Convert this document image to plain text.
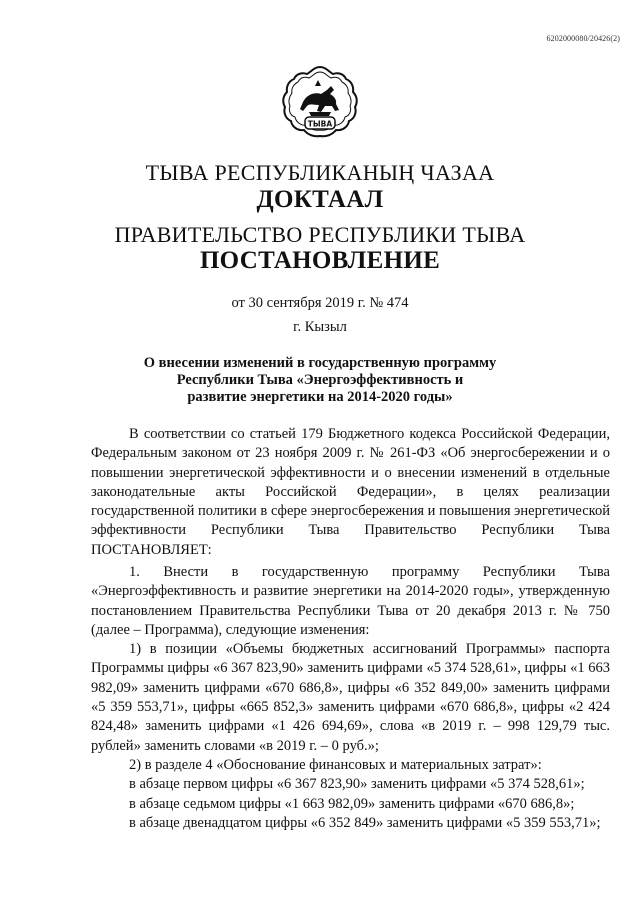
6202000080/20426(2)
ТЫВА
ТЫВА РЕСПУБЛИКАНЫҢ ЧАЗАА
ДОКТААЛ
ПРАВИТЕЛЬСТВО РЕСПУБЛИКИ ТЫВА
ПОСТАНОВЛЕНИЕ
от 30 сентября 2019 г. № 474
г. Кызыл
О внесении изменений в государственную программу
Республики Тыва «Энергоэффективность и
развитие энергетики на 2014-2020 годы»

В соответствии со статьей 179 Бюджетного кодекса Российской Федерации, Федеральным законом от 23 ноября 2009 г. № 261-ФЗ «Об энергосбережении и о повышении энергетической эффективности и о внесении изменений в отдельные законодательные акты Российской Федерации», в целях реализации государственной политики в сфере энергосбережения и повышения энергетической эффективности Республики Тыва Правительство Республики Тыва ПОСТАНОВЛЯЕТ:

1. Внести в государственную программу Республики Тыва «Энергоэффективность и развитие энергетики на 2014-2020 годы», утвержденную постановлением Правительства Республики Тыва от 20 декабря 2013 г. № 750 (далее – Программа), следующие изменения:

1) в позиции «Объемы бюджетных ассигнований Программы» паспорта Программы цифры «6 367 823,90» заменить цифрами «5 374 528,61», цифры «1 663 982,09» заменить цифрами «670 686,8», цифры «6 352 849,00» заменить цифрами «5 359 553,71», цифры «665 852,3» заменить цифрами «670 686,8», цифры «2 424 824,48» заменить цифрами «1 426 694,69», слова «в 2019 г. – 998 129,79 тыс. рублей» заменить словами «в 2019 г. – 0 руб.»;

2) в разделе 4 «Обоснование финансовых и материальных затрат»:

в абзаце первом цифры «6 367 823,90» заменить цифрами «5 374 528,61»;

в абзаце седьмом цифры «1 663 982,09» заменить цифрами «670 686,8»;

в абзаце двенадцатом цифры «6 352 849» заменить цифрами «5 359 553,71»;
